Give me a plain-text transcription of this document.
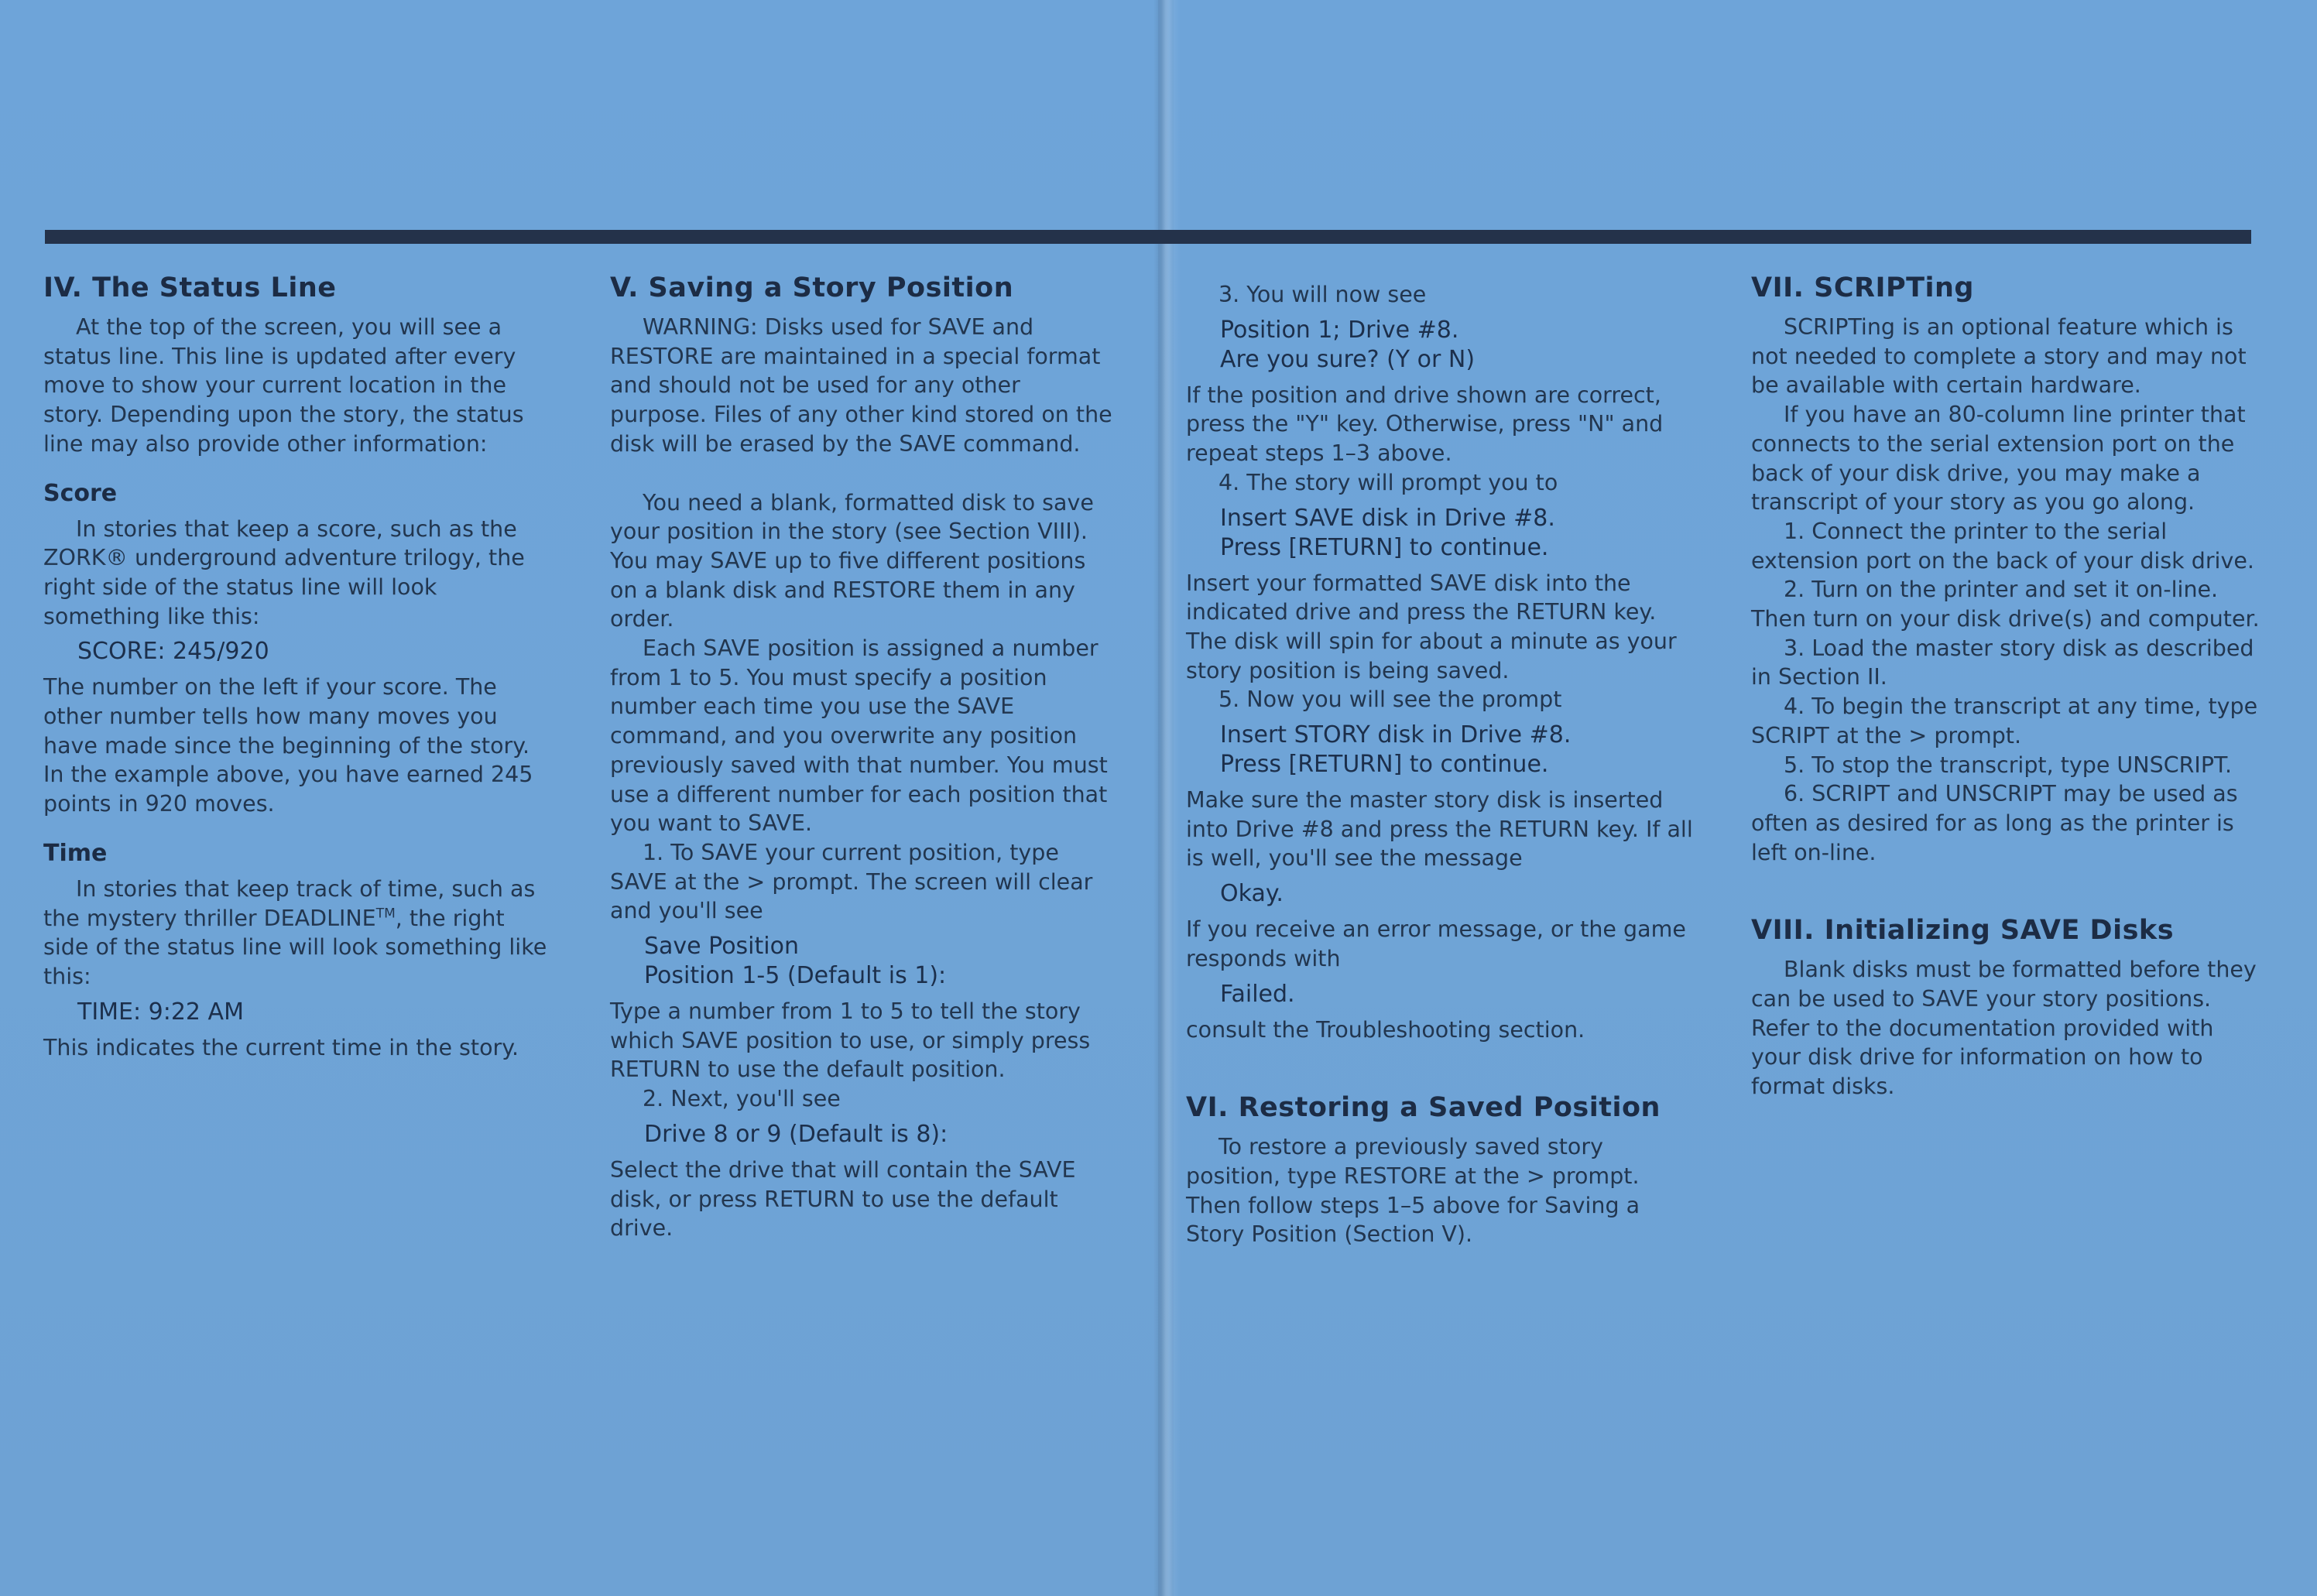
IV. The Status Line

At the top of the screen, you will see a status line. This line is updated after every move to show your current location in the story. Depending upon the story, the status line may also provide other information:

Score

In stories that keep a score, such as the ZORK® underground adventure trilogy, the right side of the status line will look something like this:

SCORE: 245/920

The number on the left if your score. The other number tells how many moves you have made since the beginning of the story. In the example above, you have earned 245 points in 920 moves.

Time

In stories that keep track of time, such as the mystery thriller DEADLINE™, the right side of the status line will look something like this:

TIME: 9:22 AM

This indicates the current time in the story.

V. Saving a Story Position

WARNING: Disks used for SAVE and RESTORE are maintained in a special format and should not be used for any other purpose. Files of any other kind stored on the disk will be erased by the SAVE command.

You need a blank, formatted disk to save your position in the story (see Section VIII). You may SAVE up to five different positions on a blank disk and RESTORE them in any order.

Each SAVE position is assigned a number from 1 to 5. You must specify a position number each time you use the SAVE command, and you overwrite any position previously saved with that number. You must use a different number for each position that you want to SAVE.

1. To SAVE your current position, type SAVE at the > prompt. The screen will clear and you'll see

Save Position
Position 1-5 (Default is 1):

Type a number from 1 to 5 to tell the story which SAVE position to use, or simply press RETURN to use the default position.

2. Next, you'll see

Drive 8 or 9 (Default is 8):

Select the drive that will contain the SAVE disk, or press RETURN to use the default drive.

3. You will now see

Position 1; Drive #8.
Are you sure? (Y or N)

If the position and drive shown are correct, press the "Y" key. Otherwise, press "N" and repeat steps 1–3 above.

4. The story will prompt you to

Insert SAVE disk in Drive #8.
Press [RETURN] to continue.

Insert your formatted SAVE disk into the indicated drive and press the RETURN key. The disk will spin for about a minute as your story position is being saved.

5. Now you will see the prompt

Insert STORY disk in Drive #8.
Press [RETURN] to continue.

Make sure the master story disk is inserted into Drive #8 and press the RETURN key. If all is well, you'll see the message

Okay.

If you receive an error message, or the game responds with

Failed.

consult the Troubleshooting section.

VI. Restoring a Saved Position

To restore a previously saved story position, type RESTORE at the > prompt. Then follow steps 1–5 above for Saving a Story Position (Section V).

VII. SCRIPTing

SCRIPTing is an optional feature which is not needed to complete a story and may not be available with certain hardware.

If you have an 80-column line printer that connects to the serial extension port on the back of your disk drive, you may make a transcript of your story as you go along.

1. Connect the printer to the serial extension port on the back of your disk drive.

2. Turn on the printer and set it on-line. Then turn on your disk drive(s) and computer.

3. Load the master story disk as described in Section II.

4. To begin the transcript at any time, type SCRIPT at the > prompt.

5. To stop the transcript, type UNSCRIPT.

6. SCRIPT and UNSCRIPT may be used as often as desired for as long as the printer is left on-line.

VIII. Initializing SAVE Disks

Blank disks must be formatted before they can be used to SAVE your story positions. Refer to the documentation provided with your disk drive for information on how to format disks.
